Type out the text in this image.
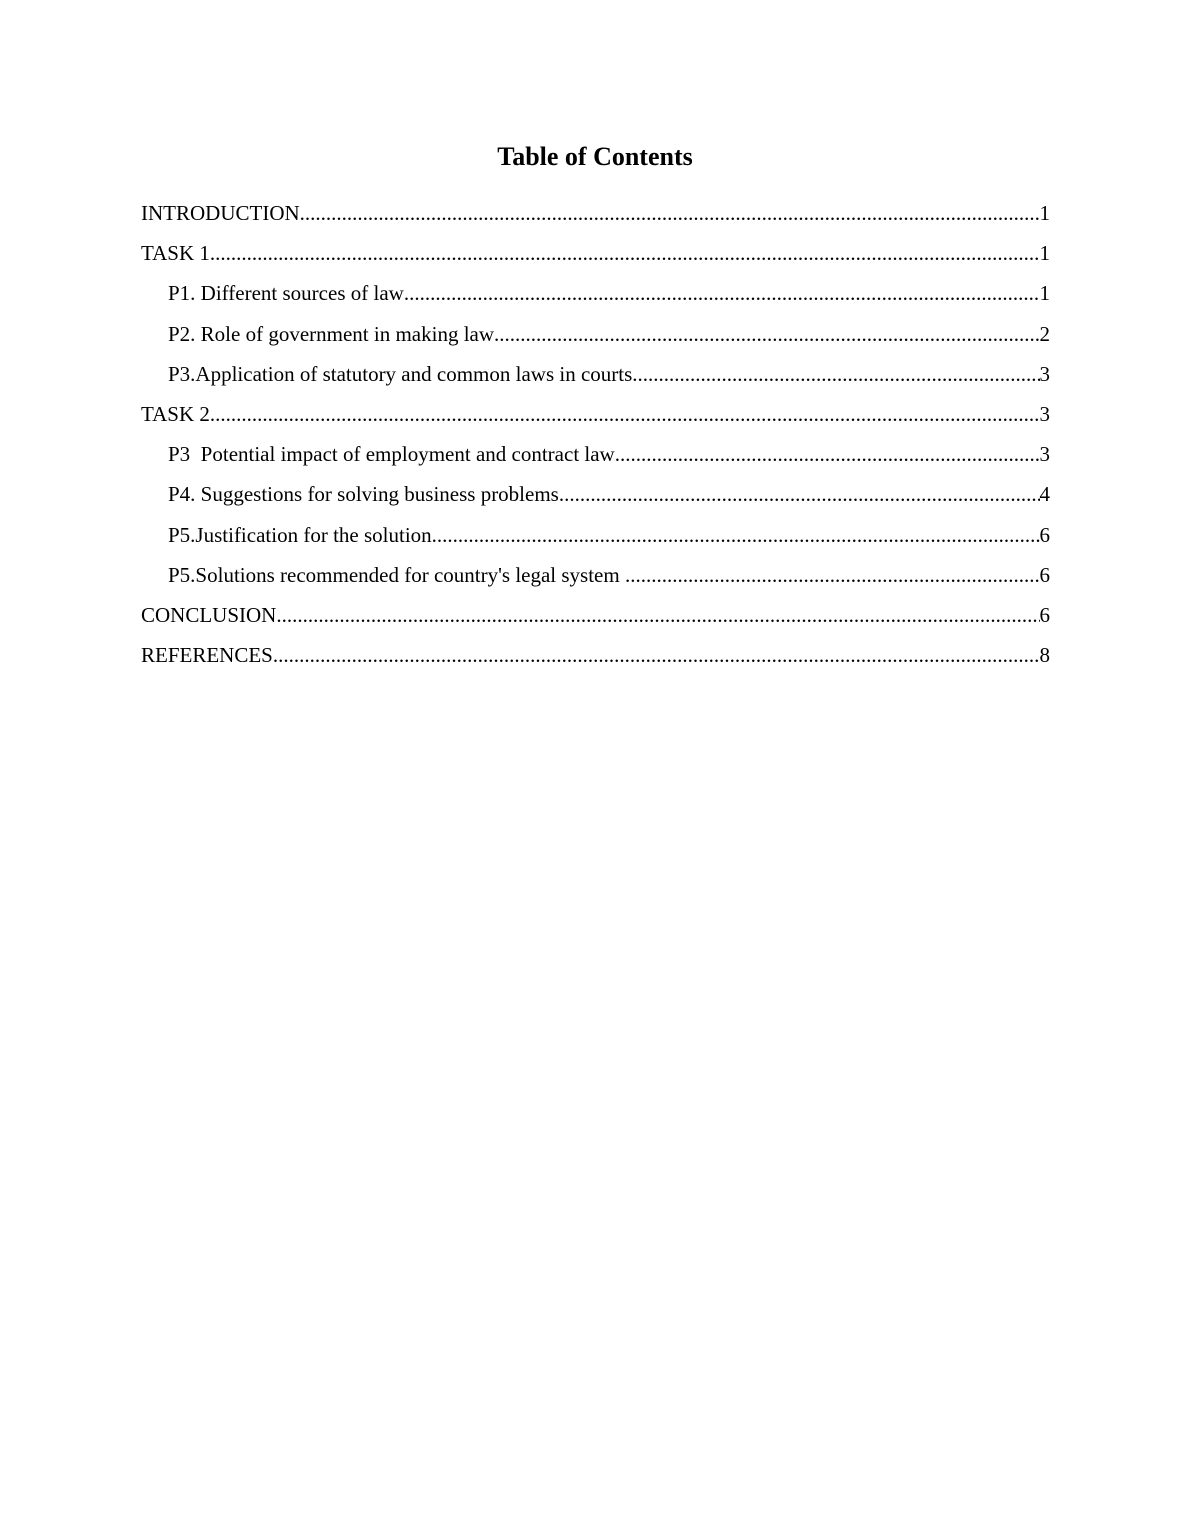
Table of Contents
INTRODUCTION .....	1
TASK 1 .....	1
P1. Different sources of law .....	1
P2. Role of government in making law .....	2
P3.Application of statutory and common laws in courts .....	3
TASK 2 .....	3
P3  Potential impact of employment and contract law .....	3
P4. Suggestions for solving business problems .....	4
P5.Justification for the solution .....	6
P5.Solutions recommended for country's legal system .....	6
CONCLUSION .....	6
REFERENCES .....	8
